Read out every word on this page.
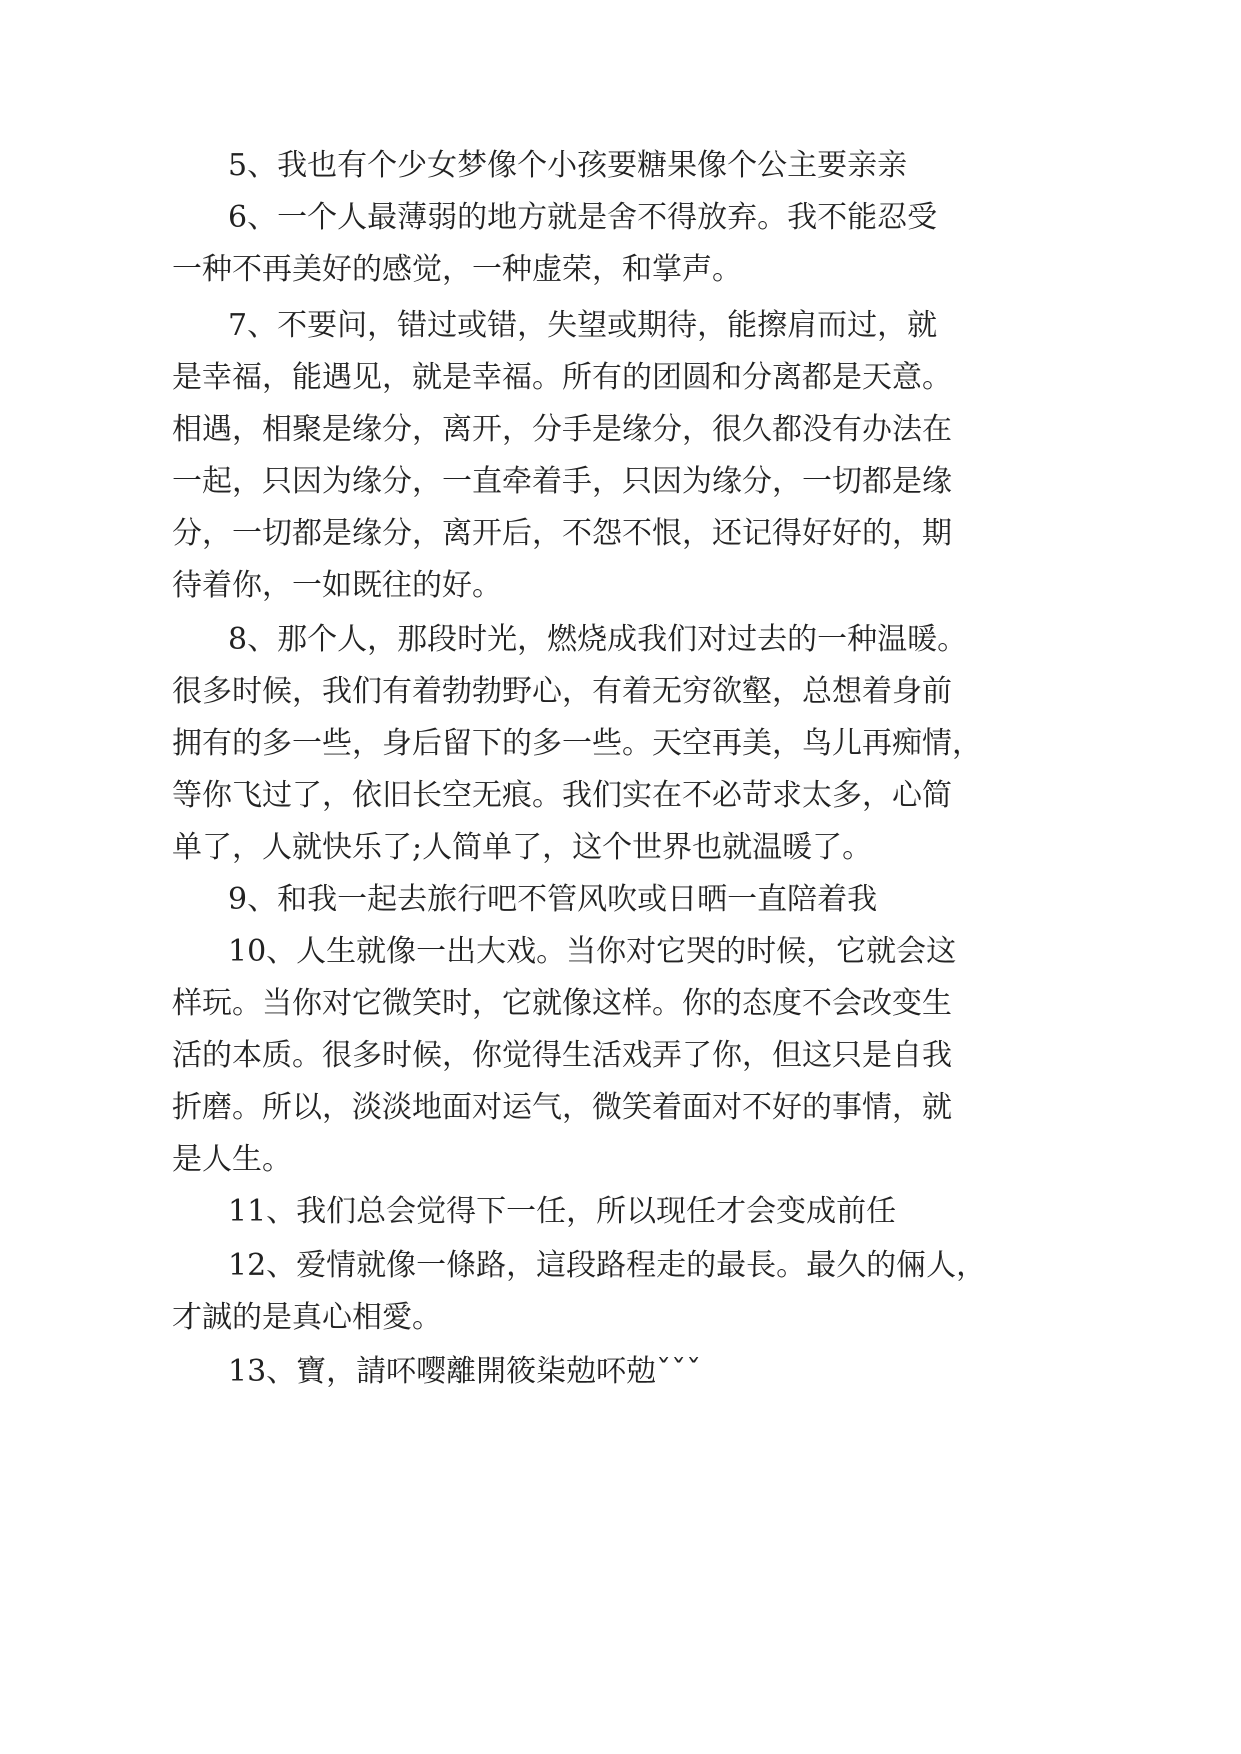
5、我也有个少女梦像个小孩要糖果像个公主要亲亲

6、一个人最薄弱的地方就是舍不得放弃。我不能忍受

一种不再美好的感觉，一种虚荣，和掌声。

7、不要问，错过或错，失望或期待，能擦肩而过，就

是幸福，能遇见，就是幸福。所有的团圆和分离都是天意。

相遇，相聚是缘分，离开，分手是缘分，很久都没有办法在

一起，只因为缘分，一直牵着手，只因为缘分，一切都是缘

分，一切都是缘分，离开后，不怨不恨，还记得好好的，期

待着你，一如既往的好。

8、那个人，那段时光，燃烧成我们对过去的一种温暖。

很多时候，我们有着勃勃野心，有着无穷欲壑，总想着身前

拥有的多一些，身后留下的多一些。天空再美，鸟儿再痴情，

等你飞过了，依旧长空无痕。我们实在不必苛求太多，心简

单了，人就快乐了;人简单了，这个世界也就温暖了。

9、和我一起去旅行吧不管风吹或日晒一直陪着我

10、人生就像一出大戏。当你对它哭的时候，它就会这

样玩。当你对它微笑时，它就像这样。你的态度不会改变生

活的本质。很多时候，你觉得生活戏弄了你，但这只是自我

折磨。所以，淡淡地面对运气，微笑着面对不好的事情，就

是人生。

11、我们总会觉得下一任，所以现任才会变成前任

12、爱情就像一條路，這段路程走的最長。最久的倆人，

才誠的是真心相愛。

13、寶，請吥嘤離開筱柒勊吥勊ˇˇˇ
